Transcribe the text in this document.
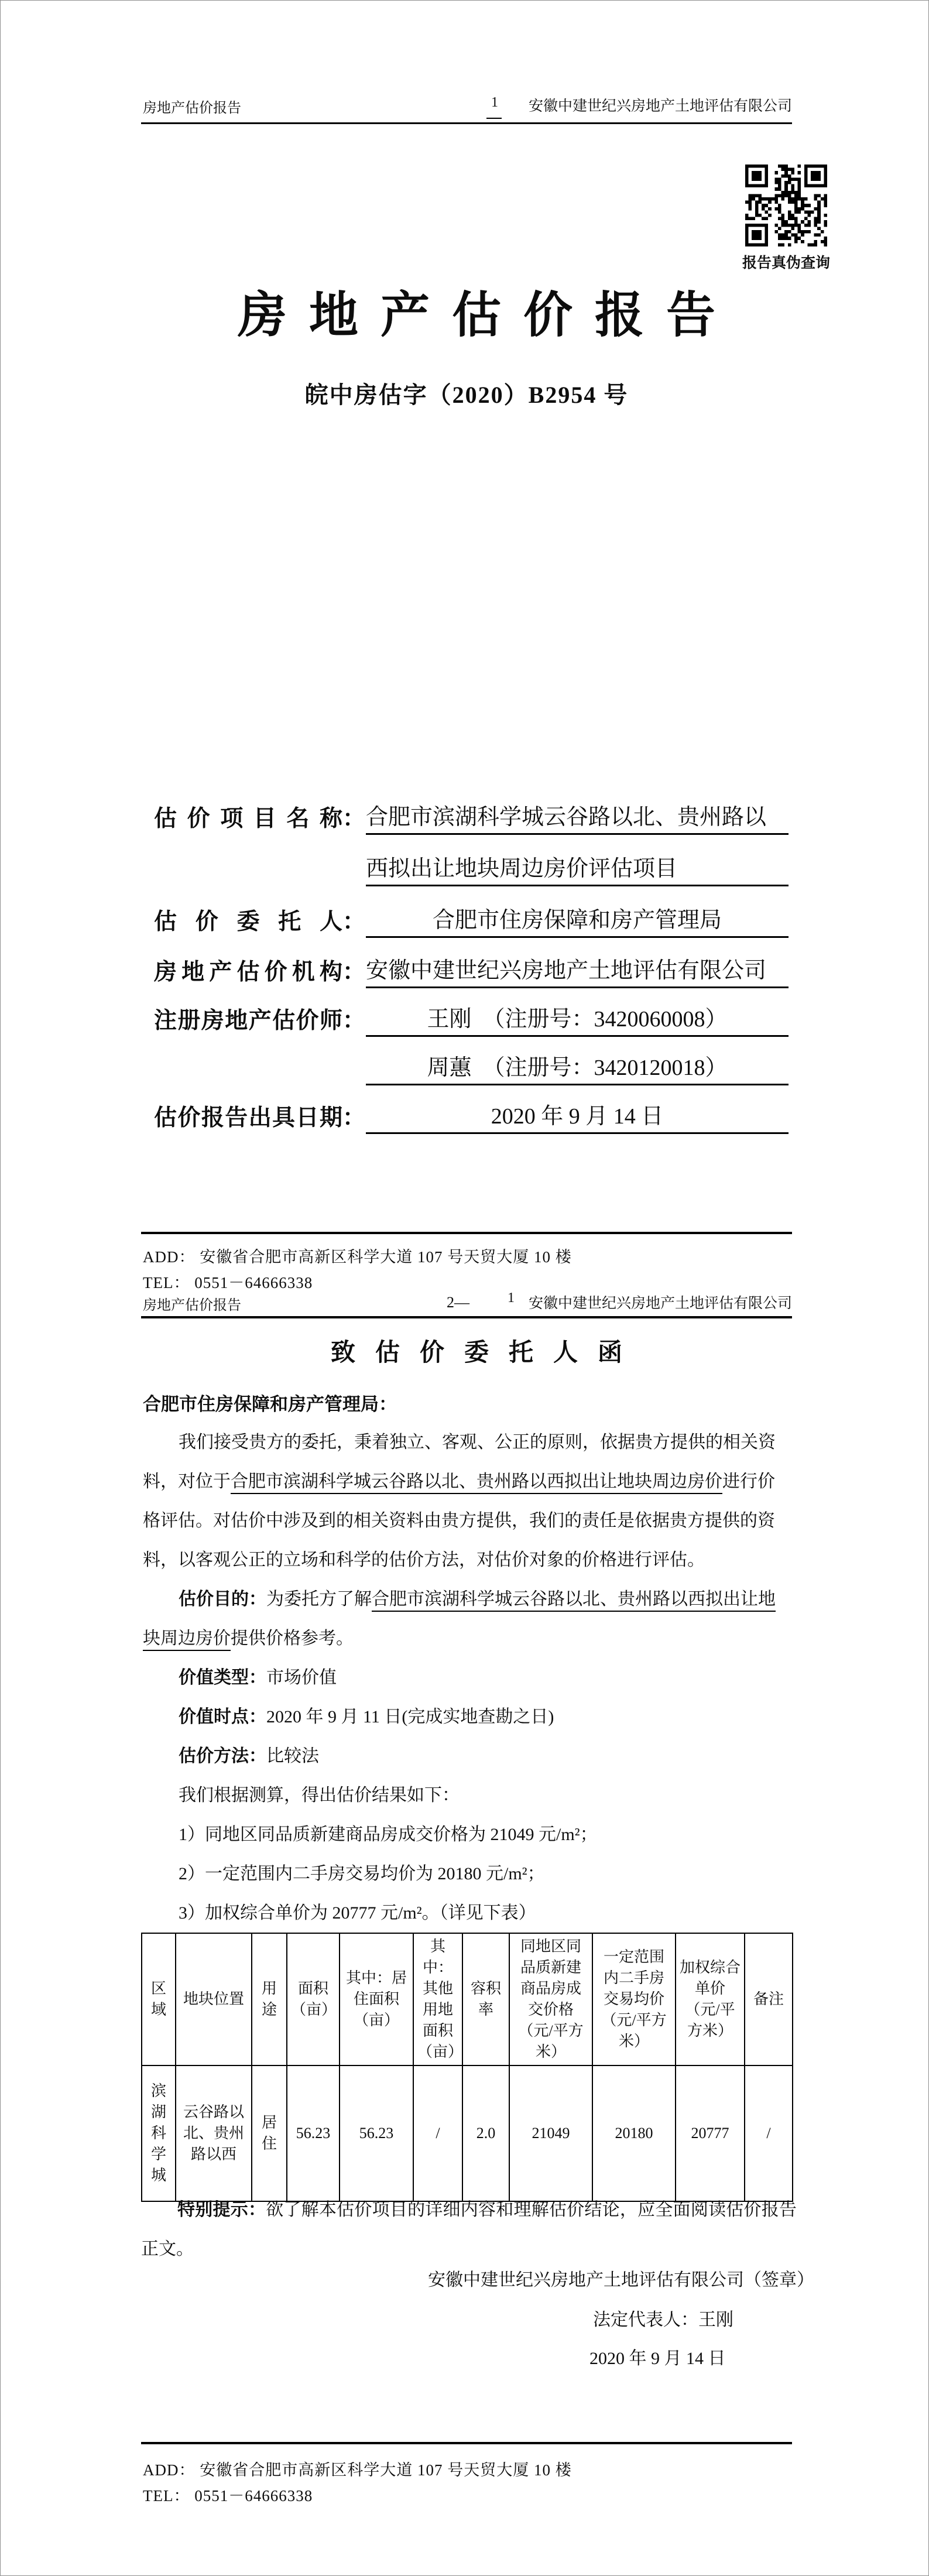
房地产估价报告	1	安徽中建世纪兴房地产土地评估有限公司
报告真伪查询
房地产估价报告
皖中房估字（2020）B2954 号
估价项目名称：合肥市滨湖科学城云谷路以北、贵州路以
西拟出让地块周边房价评估项目
估价委托人：	合肥市住房保障和房产管理局
房地产估价机构：安徽中建世纪兴房地产土地评估有限公司
注册房地产估价师：	王刚　（注册号：3420060008）
周蕙　（注册号：3420120018）
估价报告出具日期：	2020 年 9 月 14 日
ADD： 安徽省合肥市高新区科学大道 107 号天贸大厦 10 楼
TEL： 0551－64666338
房地产估价报告	2—	1 安徽中建世纪兴房地产土地评估有限公司
致估价委托人函
合肥市住房保障和房产管理局：
我们接受贵方的委托，秉着独立、客观、公正的原则，依据贵方提供的相关资
料，对位于合肥市滨湖科学城云谷路以北、贵州路以西拟出让地块周边房价进行价
格评估。对估价中涉及到的相关资料由贵方提供，我们的责任是依据贵方提供的资
料，以客观公正的立场和科学的估价方法，对估价对象的价格进行评估。
估价目的：为委托方了解合肥市滨湖科学城云谷路以北、贵州路以西拟出让地
块周边房价提供价格参考。
价值类型：市场价值
价值时点：2020 年 9 月 11 日(完成实地查勘之日)
估价方法：比较法
我们根据测算，得出估价结果如下：
1）同地区同品质新建商品房成交价格为 21049 元/m²；
2）一定范围内二手房交易均价为 20180 元/m²；
3）加权综合单价为 20777 元/m²。（详见下表）
区域	地块位置	用途	面积（亩）	其中：居住面积（亩）	其中：其他用地面积（亩）	容积率	同地区同品质新建商品房成交价格（元/平方米）	一定范围内二手房交易均价（元/平方米）	加权综合单价（元/平方米）	备注
滨湖科学城	云谷路以北、贵州路以西	居住	56.23	56.23	/	2.0	21049	20180	20777	/
特别提示：欲了解本估价项目的详细内容和理解估价结论，应全面阅读估价报告正文。
安徽中建世纪兴房地产土地评估有限公司（签章）
法定代表人：王刚
2020 年 9 月 14 日
ADD： 安徽省合肥市高新区科学大道 107 号天贸大厦 10 楼
TEL： 0551－64666338
